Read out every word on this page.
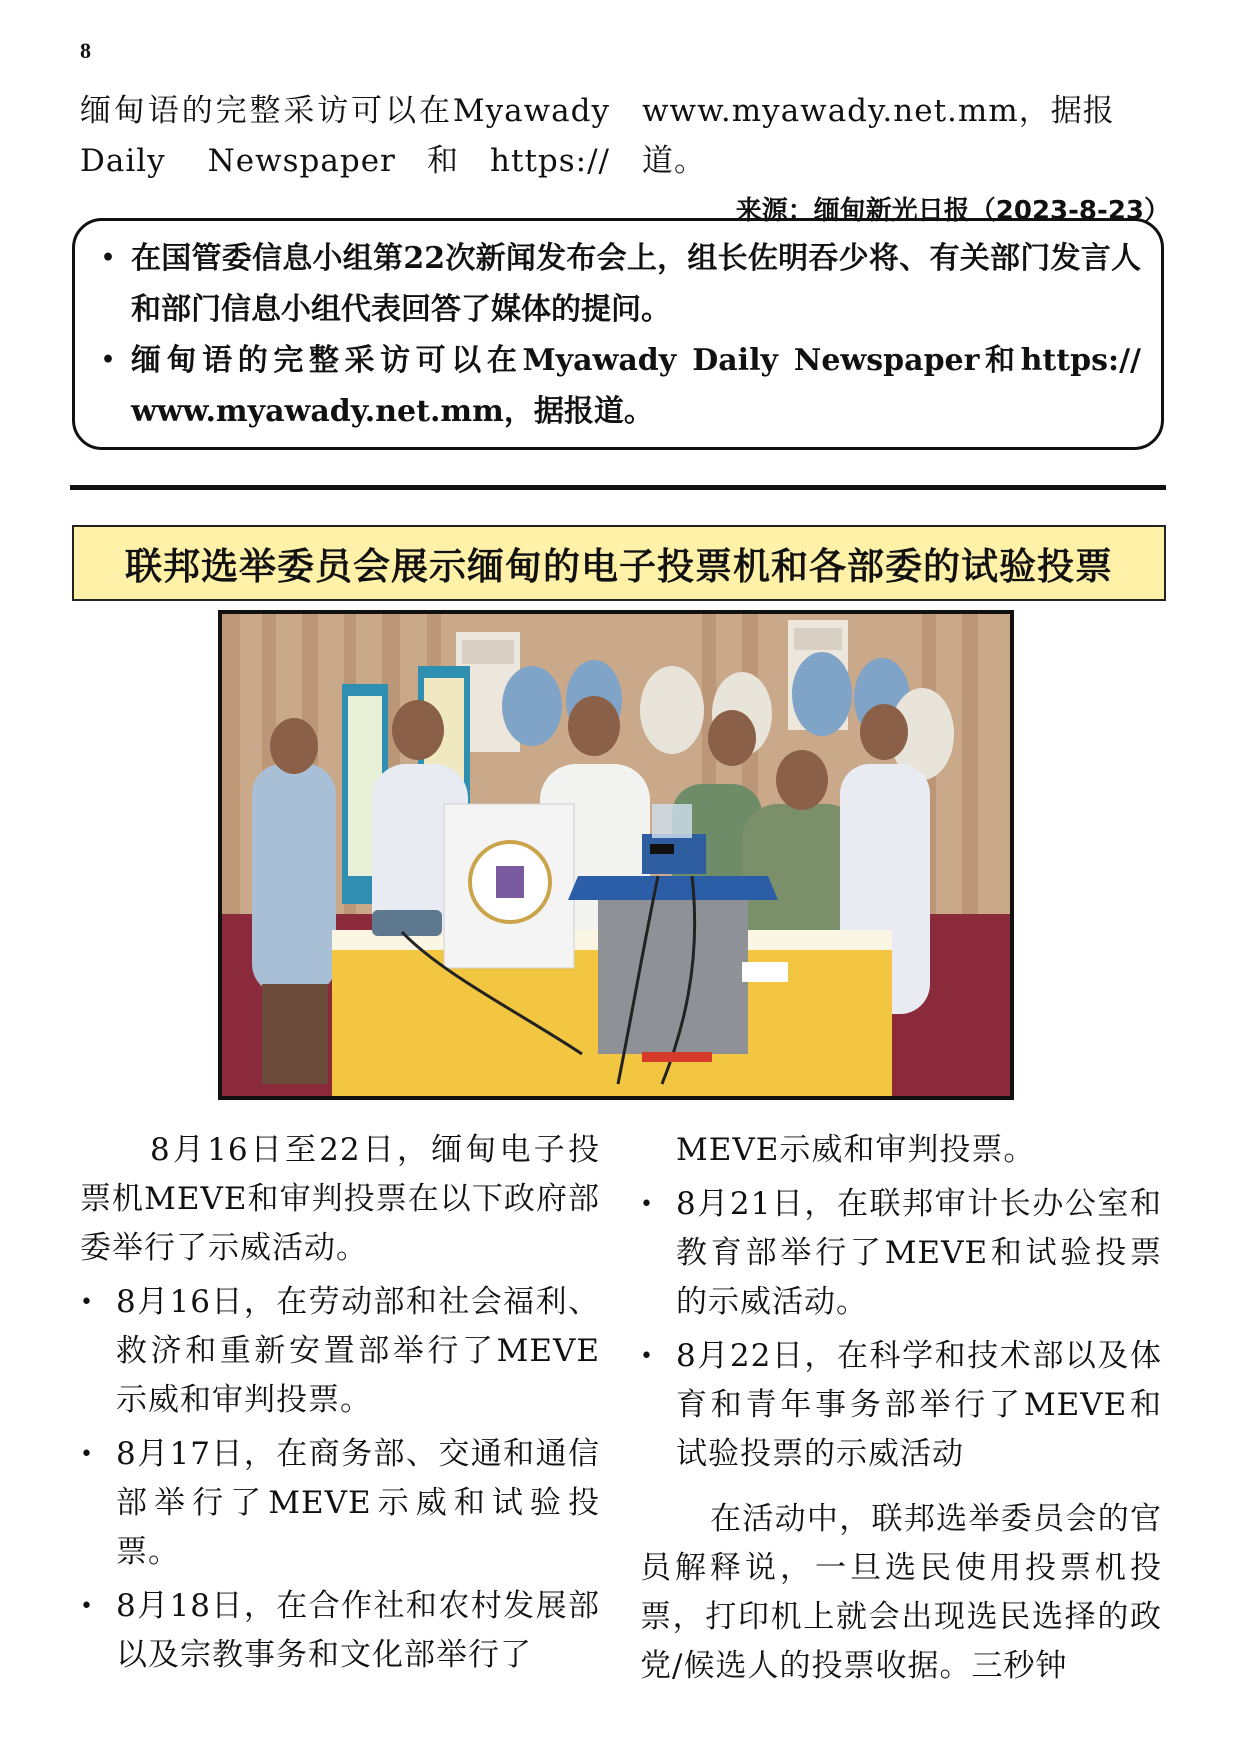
8
缅甸语的完整采访可以在Myawady Daily Newspaper和https://
www.myawady.net.mm，据报道。
来源：缅甸新光日报（2023-8-23）
• 在国管委信息小组第22次新闻发布会上，组长佐明吞少将、有关部门发言人和部门信息小组代表回答了媒体的提问。
• 缅甸语的完整采访可以在Myawady Daily Newspaper和https:// www.myawady.net.mm，据报道。
联邦选举委员会展示缅甸的电子投票机和各部委的试验投票

8月16日至22日，缅甸电子投票机MEVE和审判投票在以下政府部委举行了示威活动。

• 8月16日，在劳动部和社会福利、救济和重新安置部举行了MEVE示威和审判投票。
• 8月17日，在商务部、交通和通信部举行了MEVE示威和试验投票。
• 8月18日，在合作社和农村发展部以及宗教事务和文化部举行了
MEVE示威和审判投票。
• 8月21日，在联邦审计长办公室和教育部举行了MEVE和试验投票的示威活动。
• 8月22日，在科学和技术部以及体育和青年事务部举行了MEVE和试验投票的示威活动

在活动中，联邦选举委员会的官员解释说，一旦选民使用投票机投票，打印机上就会出现选民选择的政党/候选人的投票收据。三秒钟
